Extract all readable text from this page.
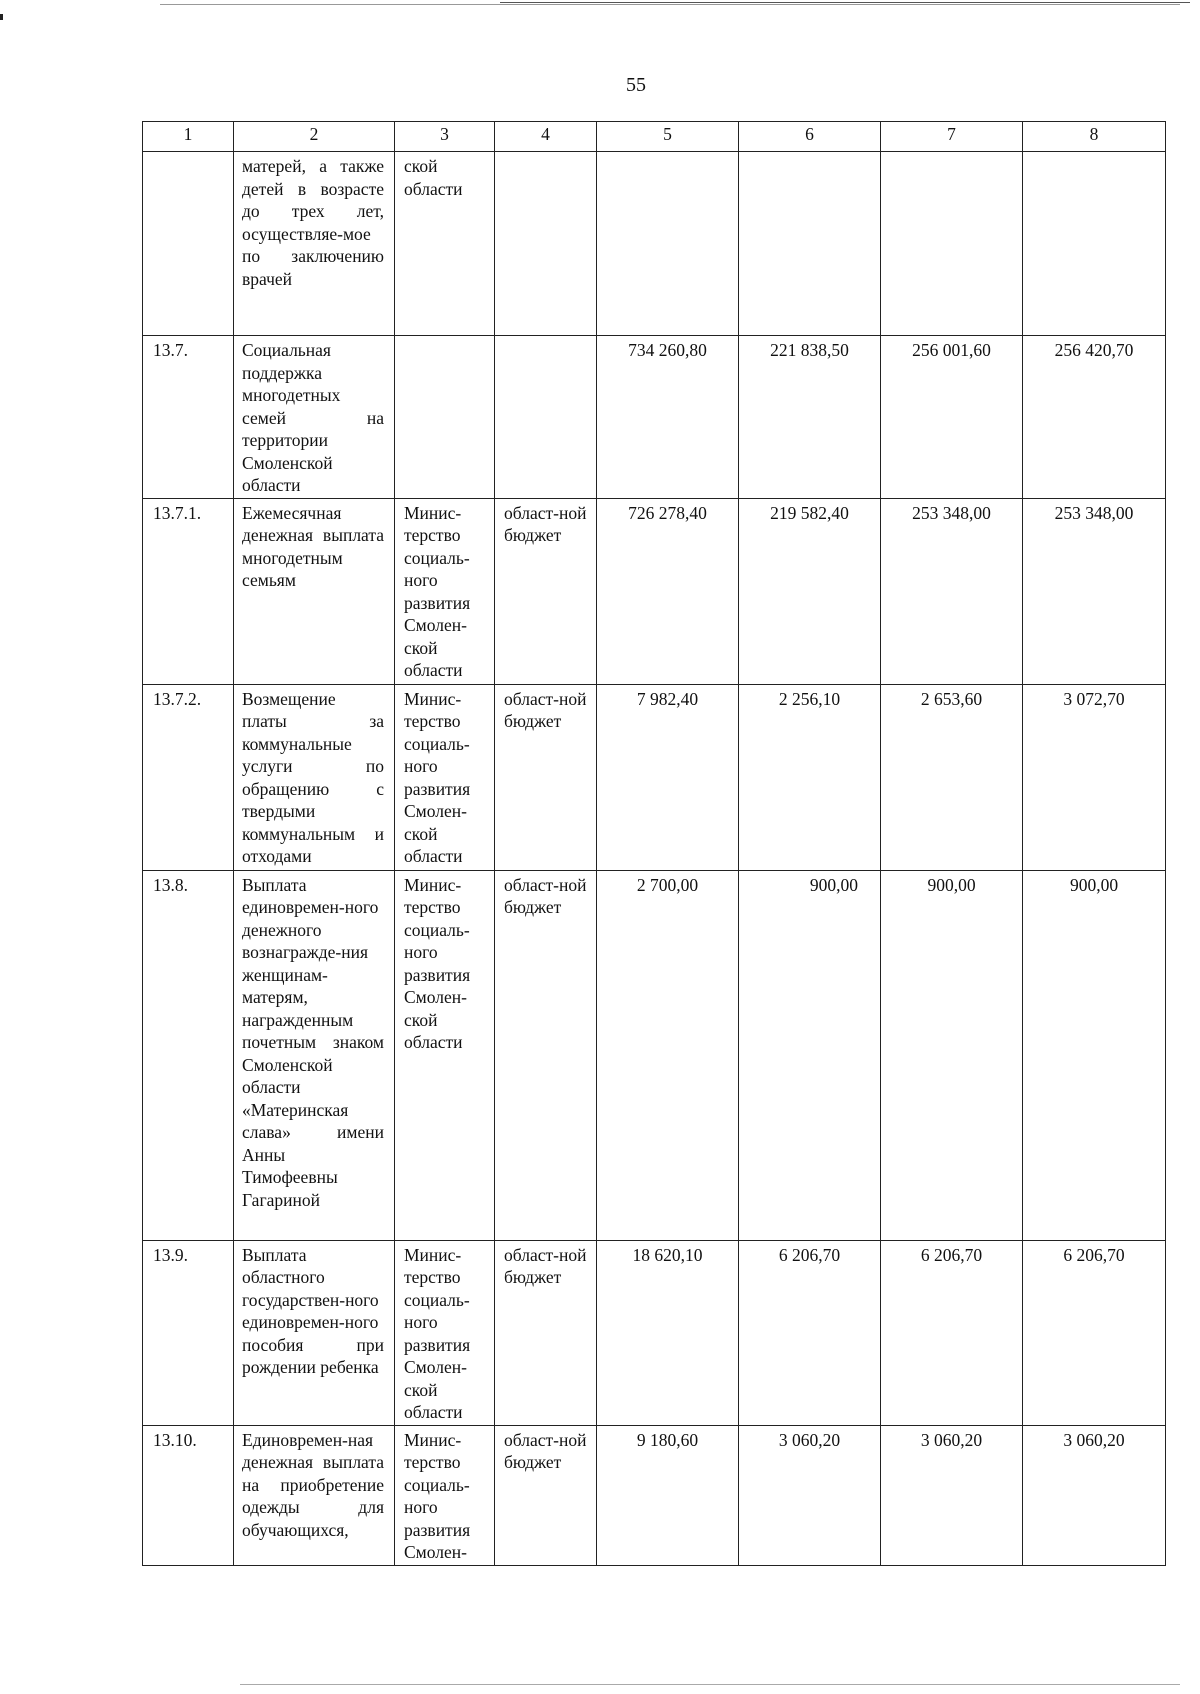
55
1	2	3	4	5	6	7	8
	матерей, а также детей в возрасте до трех лет, осуществляе-мое по заключению врачей	ской области					
13.7.	Социальная поддержка многодетных семей на территории Смоленской области			734 260,80	221 838,50	256 001,60	256 420,70
13.7.1.	Ежемесячная денежная выплата многодетным семьям	Минис-терство социаль-ного развития Смолен-ской области	област-ной бюджет	726 278,40	219 582,40	253 348,00	253 348,00
13.7.2.	Возмещение платы за коммунальные услуги по обращению с твердыми коммунальным и отходами	Минис-терство социаль-ного развития Смолен-ской области	област-ной бюджет	7 982,40	2 256,10	2 653,60	3 072,70
13.8.	Выплата единовремен-ного денежного вознагражде-ния женщинам-матерям, награжденным почетным знаком Смоленской области «Материнская слава» имени Анны Тимофеевны Гагариной	Минис-терство социаль-ного развития Смолен-ской области	област-ной бюджет	2 700,00	900,00	900,00	900,00
13.9.	Выплата областного государствен-ного единовремен-ного пособия при рождении ребенка	Минис-терство социаль-ного развития Смолен-ской области	област-ной бюджет	18 620,10	6 206,70	6 206,70	6 206,70
13.10.	Единовремен-ная денежная выплата на приобретение одежды для обучающихся,	Минис-терство социаль-ного развития Смолен-	област-ной бюджет	9 180,60	3 060,20	3 060,20	3 060,20
